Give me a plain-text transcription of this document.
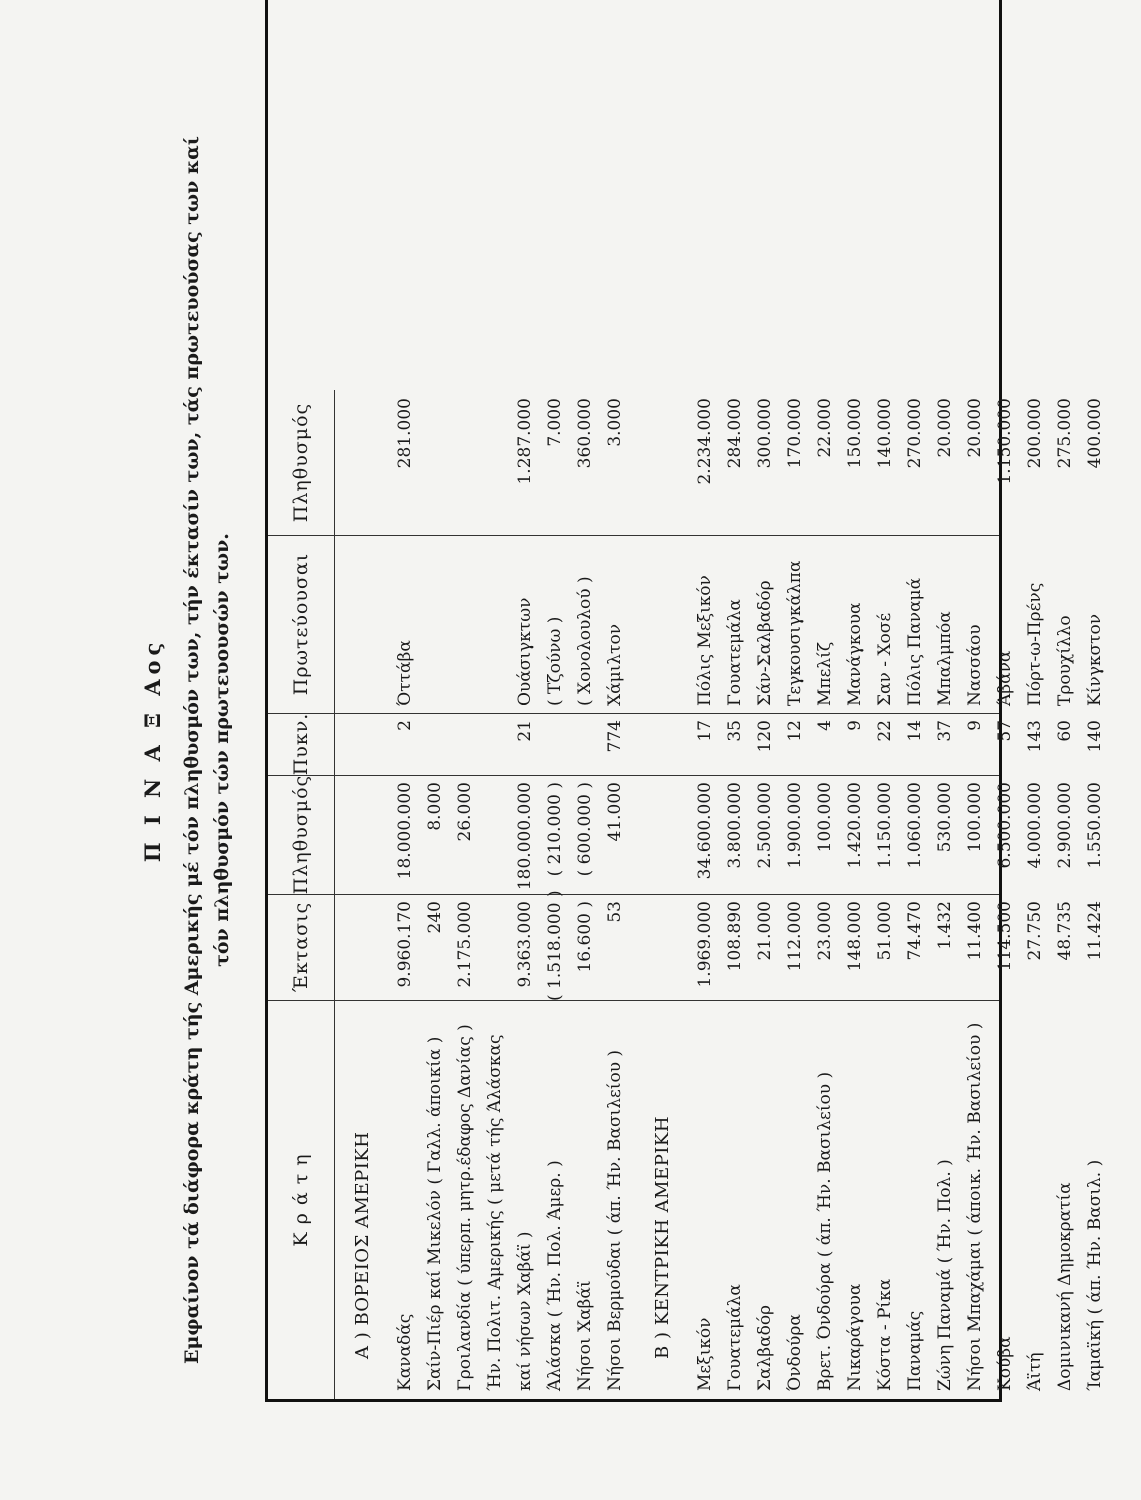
Π Ι Ν Α Ξ Αος Εμφαίνον τά διάφορα κράτη τής Αμερικής μέ τόν πληθυσμόν των, τήν έκτασίν των, τάς πρωτευούσας των καί τόν πληθυσμόν τών πρωτευουσών των.
Κ ρ ά τ η
Έκτασις
Πληθυσμός
Πυκν.
Πρωτεύουσαι
Πληθυσμός
Α ) ΒΟΡΕΙΟΣ ΑΜΕΡΙΚΗ Καναδάς
9.960.170
18.000.000
2
Όττάβα
281.000
Σαίν-Πιέρ καί Μικελόν ( Γαλλ. άποικία )
240
8.000
Γροιλανδία ( ύπερπ. μητρ.έδαφος Δανίας )
2.175.000
26.000
Ήν. Πολιτ. Αμερικής ( μετά τής Άλάσκας καί νήσων Χαβάϊ )
9.363.000
180.000.000
21
Ουάσιγκτων
1.287.000
Άλάσκα ( Ήν. Πολ. Άμερ. )
( 1.518.000 )
( 210.000 )
( Τζούνω )
7.000
Νήσοι Χαβάϊ
16.600 )
( 600.000 )
( Χονολουλού )
360.000
Νήσοι Βερμούδαι ( άπ. Ήν. Βασιλείου )
53
41.000
774
Χάμιλτον
3.000
Β ) ΚΕΝΤΡΙΚΗ ΑΜΕΡΙΚΗ Μεξικόν
1.969.000
34.600.000
17
Πόλις Μεξικόν
2.234.000
Γουατεμάλα
108.890
3.800.000
35
Γουατεμάλα
284.000
Σαλβαδόρ
21.000
2.500.000
120
Σάν-Σαλβαδόρ
300.000
Όνδούρα
112.000
1.900.000
12
Τεγκουσιγκάλπα
170.000
Βρετ. Όνδούρα ( άπ. Ήν. Βασιλείου )
23.000
100.000
4
Μπελίζ
22.000
Νικαράγουα
148.000
1.420.000
9
Μανάγκουα
150.000
Κόστα - Ρίκα
51.000
1.150.000
22
Σαν - Χοσέ
140.000
Παναμάς
74.470
1.060.000
14
Πόλις Παναμά
270.000
Ζώνη Παναμά ( Ήν. Πολ. )
1.432
530.000
37
Μπαλμπόα
20.000
Νήσοι Μπαχάμαι ( άποικ. Ήν. Βασιλείου )
11.400
100.000
9
Νασσάου
20.000
Κούβα
114.500
6.500.000
57
Άβάνα
1.150.000
Άϊτή
27.750
4.000.000
143
Πόρτ-ω-Πρένς
200.000
Δομινικανή Δημοκρατία
48.735
2.900.000
60
Τρουχίλλο
275.000
Ίαμαϊκή ( άπ. Ήν. Βασιλ. )
11.424
1.550.000
140
Κίνγκστον
400.000
